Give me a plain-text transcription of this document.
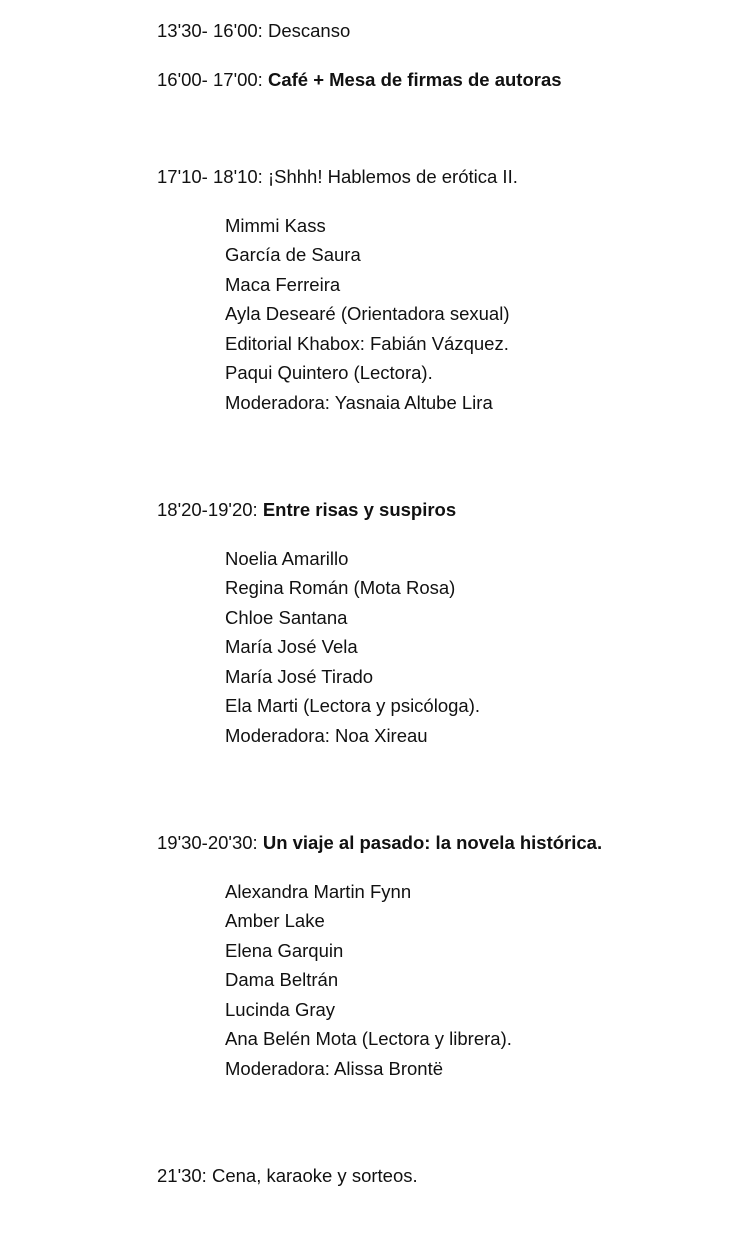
13'30- 16'00: Descanso
16'00- 17'00: Café + Mesa de firmas de autoras
17'10- 18'10: ¡Shhh! Hablemos de erótica II.
Mimmi Kass
García de Saura
Maca Ferreira
Ayla Desearé (Orientadora sexual)
Editorial Khabox: Fabián Vázquez.
Paqui Quintero (Lectora).
Moderadora: Yasnaia Altube Lira
18'20-19'20: Entre risas y suspiros
Noelia Amarillo
Regina Román (Mota Rosa)
Chloe Santana
María José Vela
María José Tirado
Ela Marti (Lectora y psicóloga).
Moderadora: Noa Xireau
19'30-20'30: Un viaje al pasado: la novela histórica.
Alexandra Martin Fynn
Amber Lake
Elena Garquin
Dama Beltrán
Lucinda Gray
Ana Belén Mota (Lectora y librera).
Moderadora: Alissa Brontë
21'30: Cena, karaoke y sorteos.
